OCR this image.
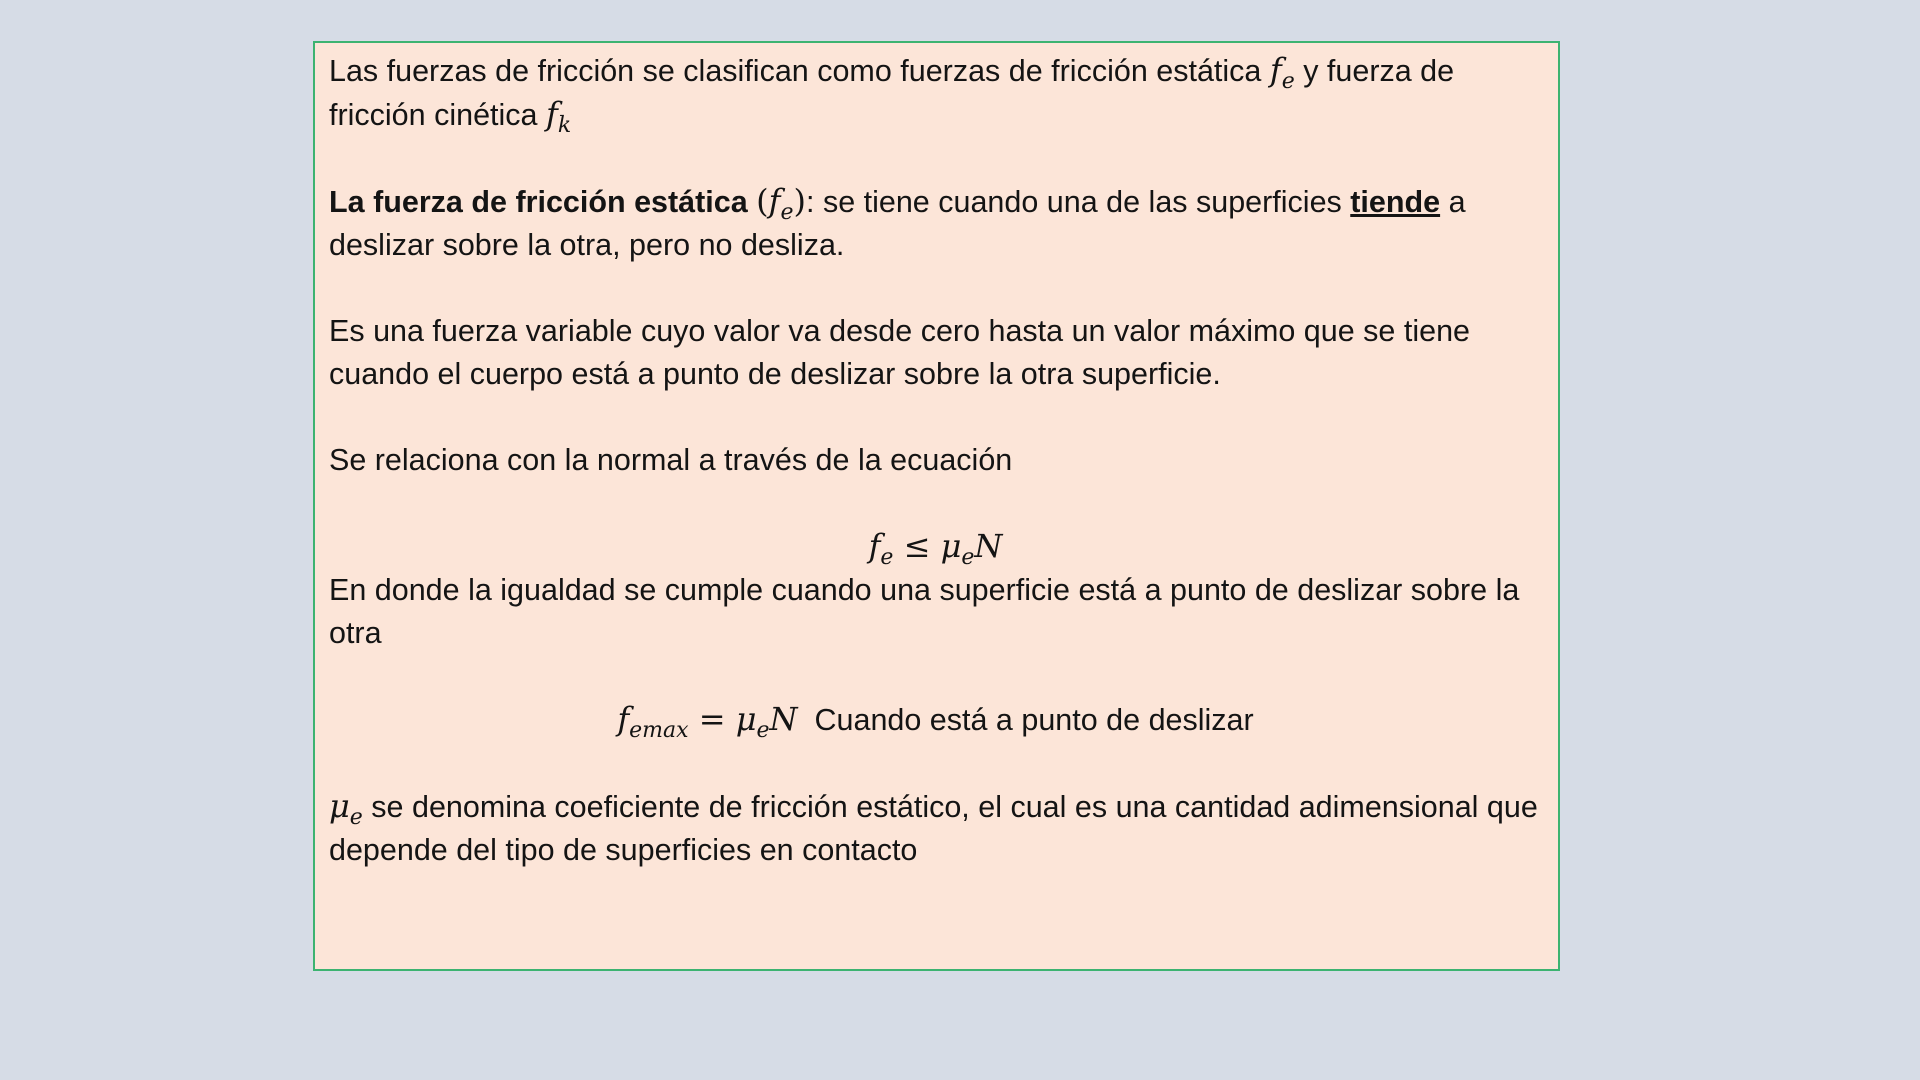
Las fuerzas de fricción se clasifican como fuerzas de fricción estática $f_e$ y fuerza de fricción cinética $f_k$

La fuerza de fricción estática $(f_e)$: se tiene cuando una de las superficies tiende a deslizar sobre la otra, pero no desliza.

Es una fuerza variable cuyo valor va desde cero hasta un valor máximo que se tiene cuando el cuerpo está a punto de deslizar sobre la otra superficie.

Se relaciona con la normal a través de la ecuación

$f_e \le \mu_eN$

En donde la igualdad se cumple cuando una superficie está a punto de deslizar sobre la otra

$f_{emax} = \mu_eN$  Cuando está a punto de deslizar

$\mu_e$ se denomina coeficiente de fricción estático, el cual es una cantidad adimensional que depende del tipo de superficies en contacto
